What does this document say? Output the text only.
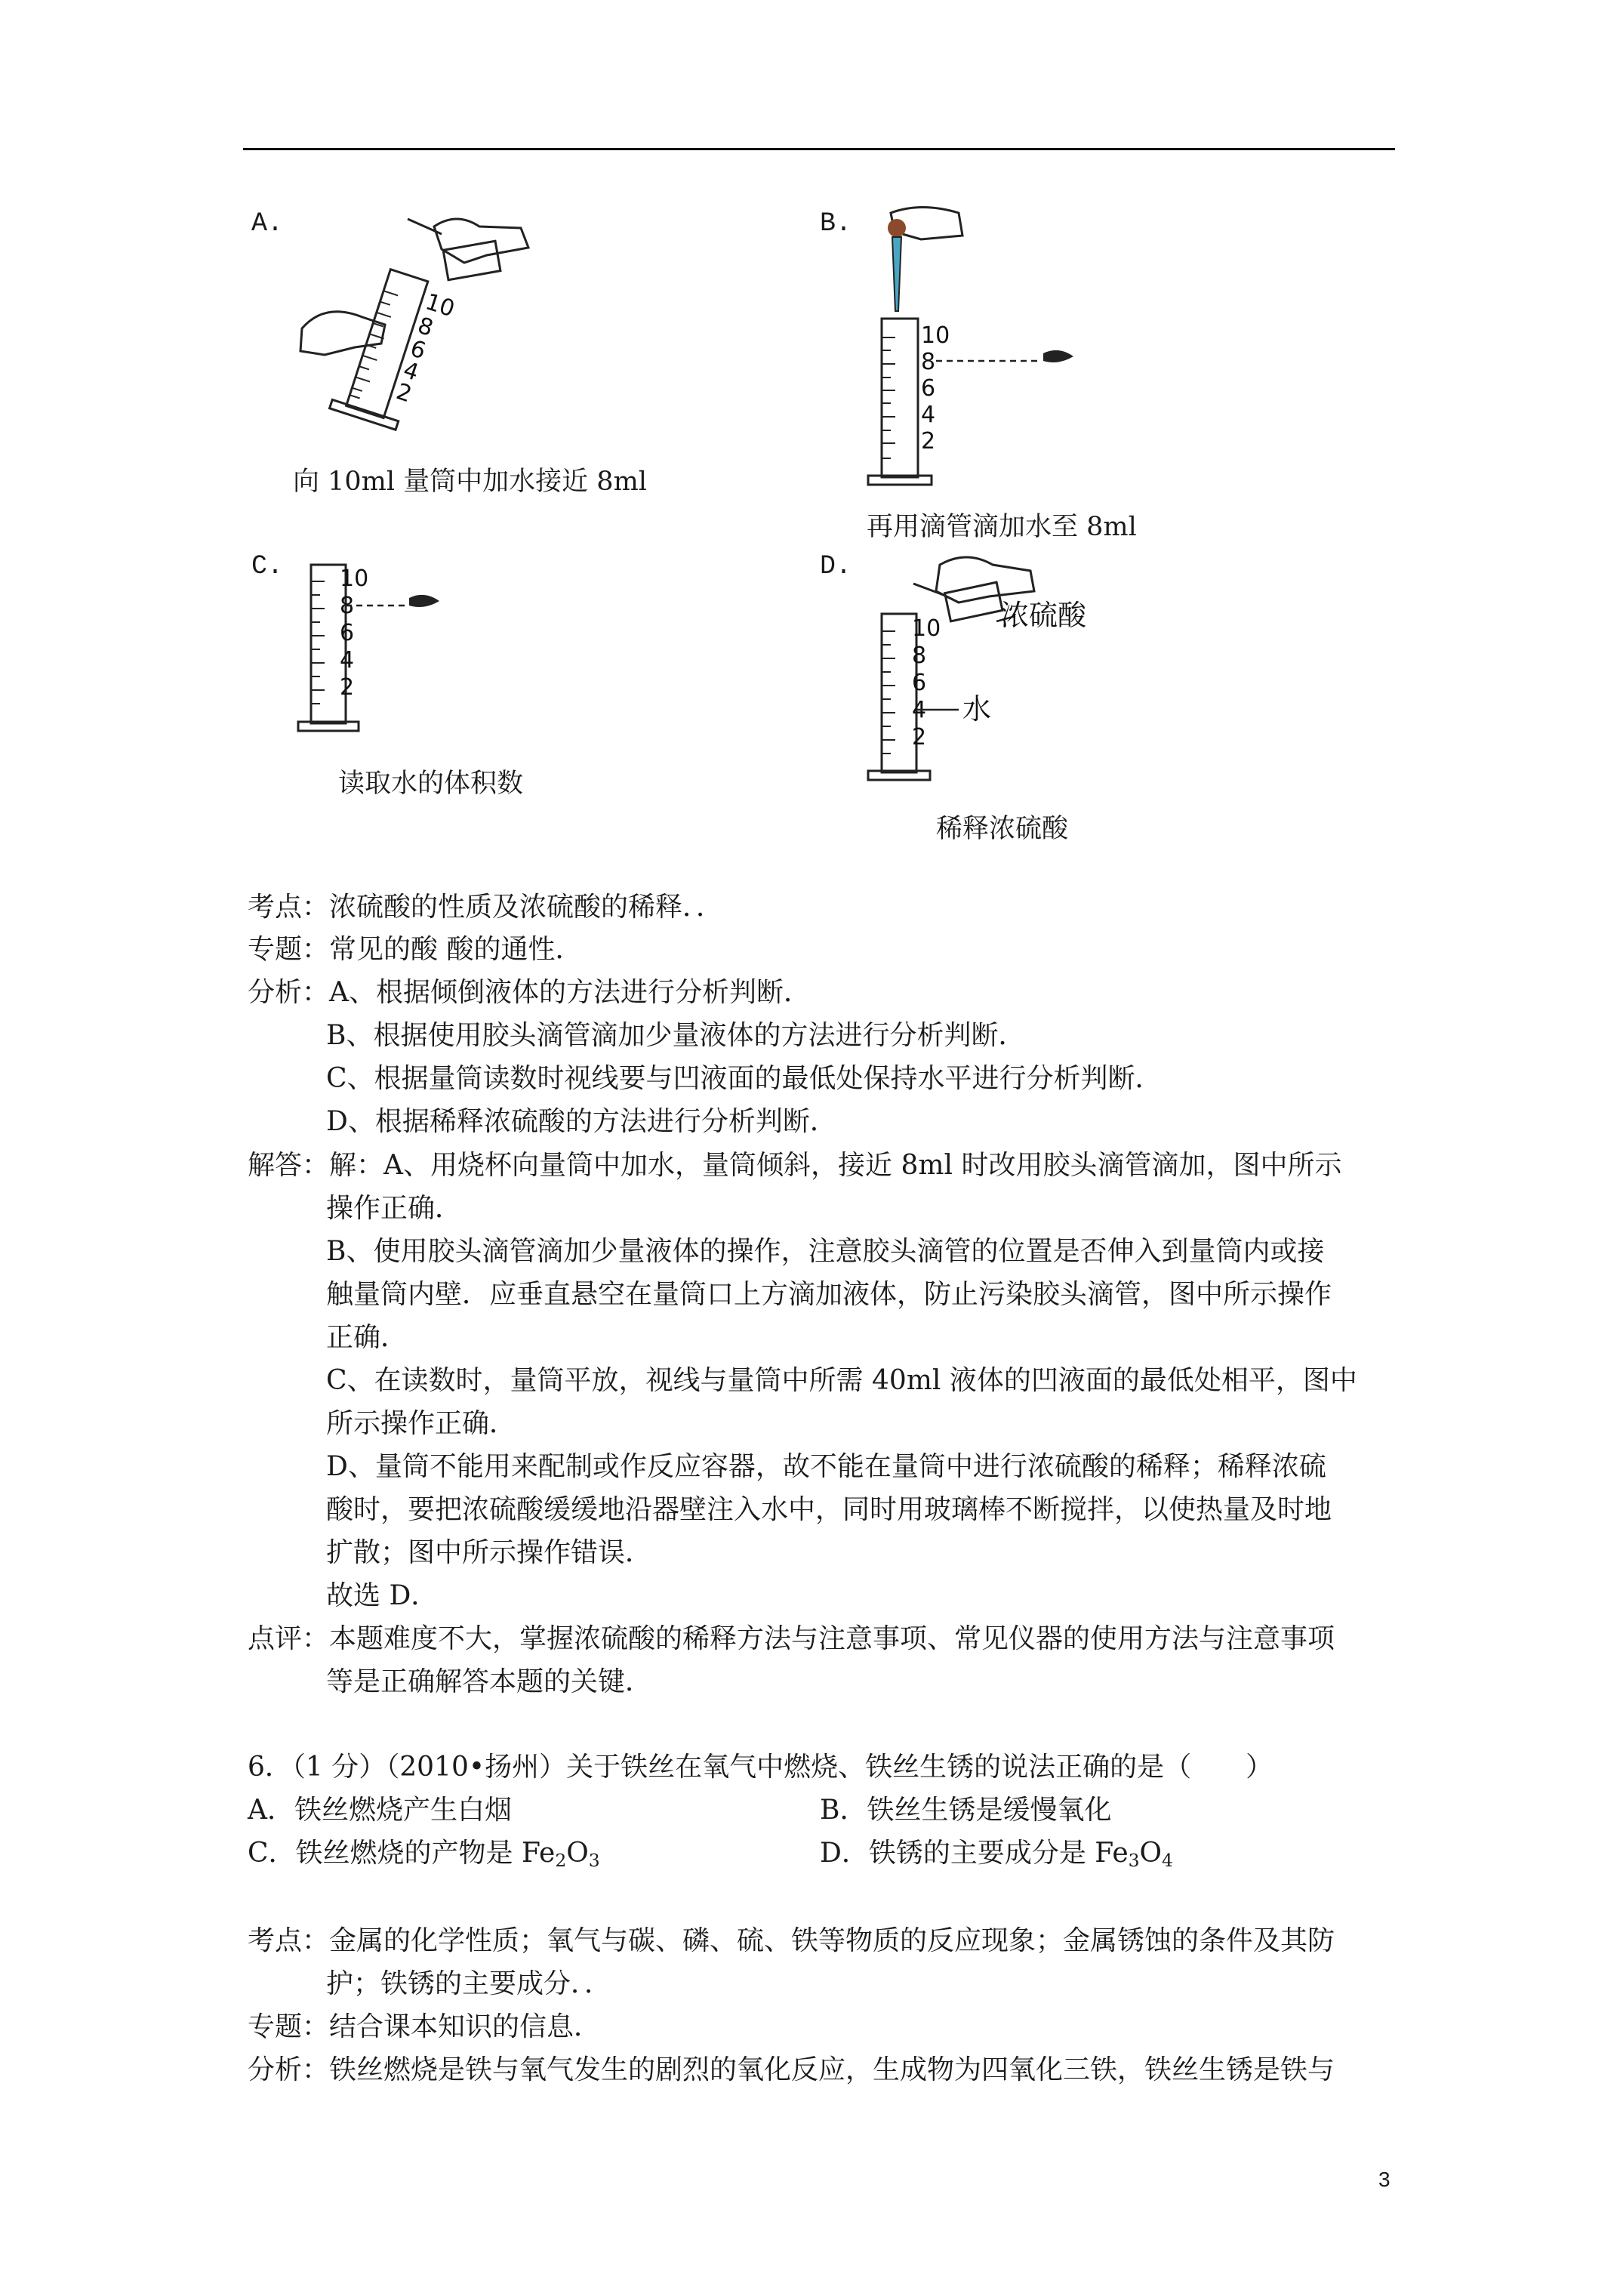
A.
10
8
6
4
2
向 10ml 量筒中加水接近 8ml
B.
10
8
6
4
2
再用滴管滴加水至 8ml
C. 10
8
6
4
2
读取水的体积数
D.
10
8
6
4
2
浓硫酸
水
稀释浓硫酸
考点：浓硫酸的性质及浓硫酸的稀释．．
专题：常见的酸 酸的通性．
分析：A、根据倾倒液体的方法进行分析判断．
B、根据使用胶头滴管滴加少量液体的方法进行分析判断．
C、根据量筒读数时视线要与凹液面的最低处保持水平进行分析判断．
D、根据稀释浓硫酸的方法进行分析判断．
解答：解：A、用烧杯向量筒中加水，量筒倾斜，接近 8ml 时改用胶头滴管滴加，图中所示
操作正确．
B、使用胶头滴管滴加少量液体的操作，注意胶头滴管的位置是否伸入到量筒内或接
触量筒内壁．应垂直悬空在量筒口上方滴加液体，防止污染胶头滴管，图中所示操作
正确．
C、在读数时，量筒平放，视线与量筒中所需 40ml 液体的凹液面的最低处相平，图中
所示操作正确．
D、量筒不能用来配制或作反应容器，故不能在量筒中进行浓硫酸的稀释；稀释浓硫
酸时，要把浓硫酸缓缓地沿器壁注入水中，同时用玻璃棒不断搅拌，以使热量及时地
扩散；图中所示操作错误．
故选 D．
点评：本题难度不大，掌握浓硫酸的稀释方法与注意事项、常见仪器的使用方法与注意事项
等是正确解答本题的关键．
6．（1 分）（2010•扬州）关于铁丝在氧气中燃烧、铁丝生锈的说法正确的是（　　）
A．铁丝燃烧产生白烟	B．铁丝生锈是缓慢氧化
C．铁丝燃烧的产物是 $Fe_2O_3$	D．铁锈的主要成分是 $Fe_3O_4$
考点：金属的化学性质；氧气与碳、磷、硫、铁等物质的反应现象；金属锈蚀的条件及其防
护；铁锈的主要成分．．
专题：结合课本知识的信息．
分析：铁丝燃烧是铁与氧气发生的剧烈的氧化反应，生成物为四氧化三铁，铁丝生锈是铁与
3
